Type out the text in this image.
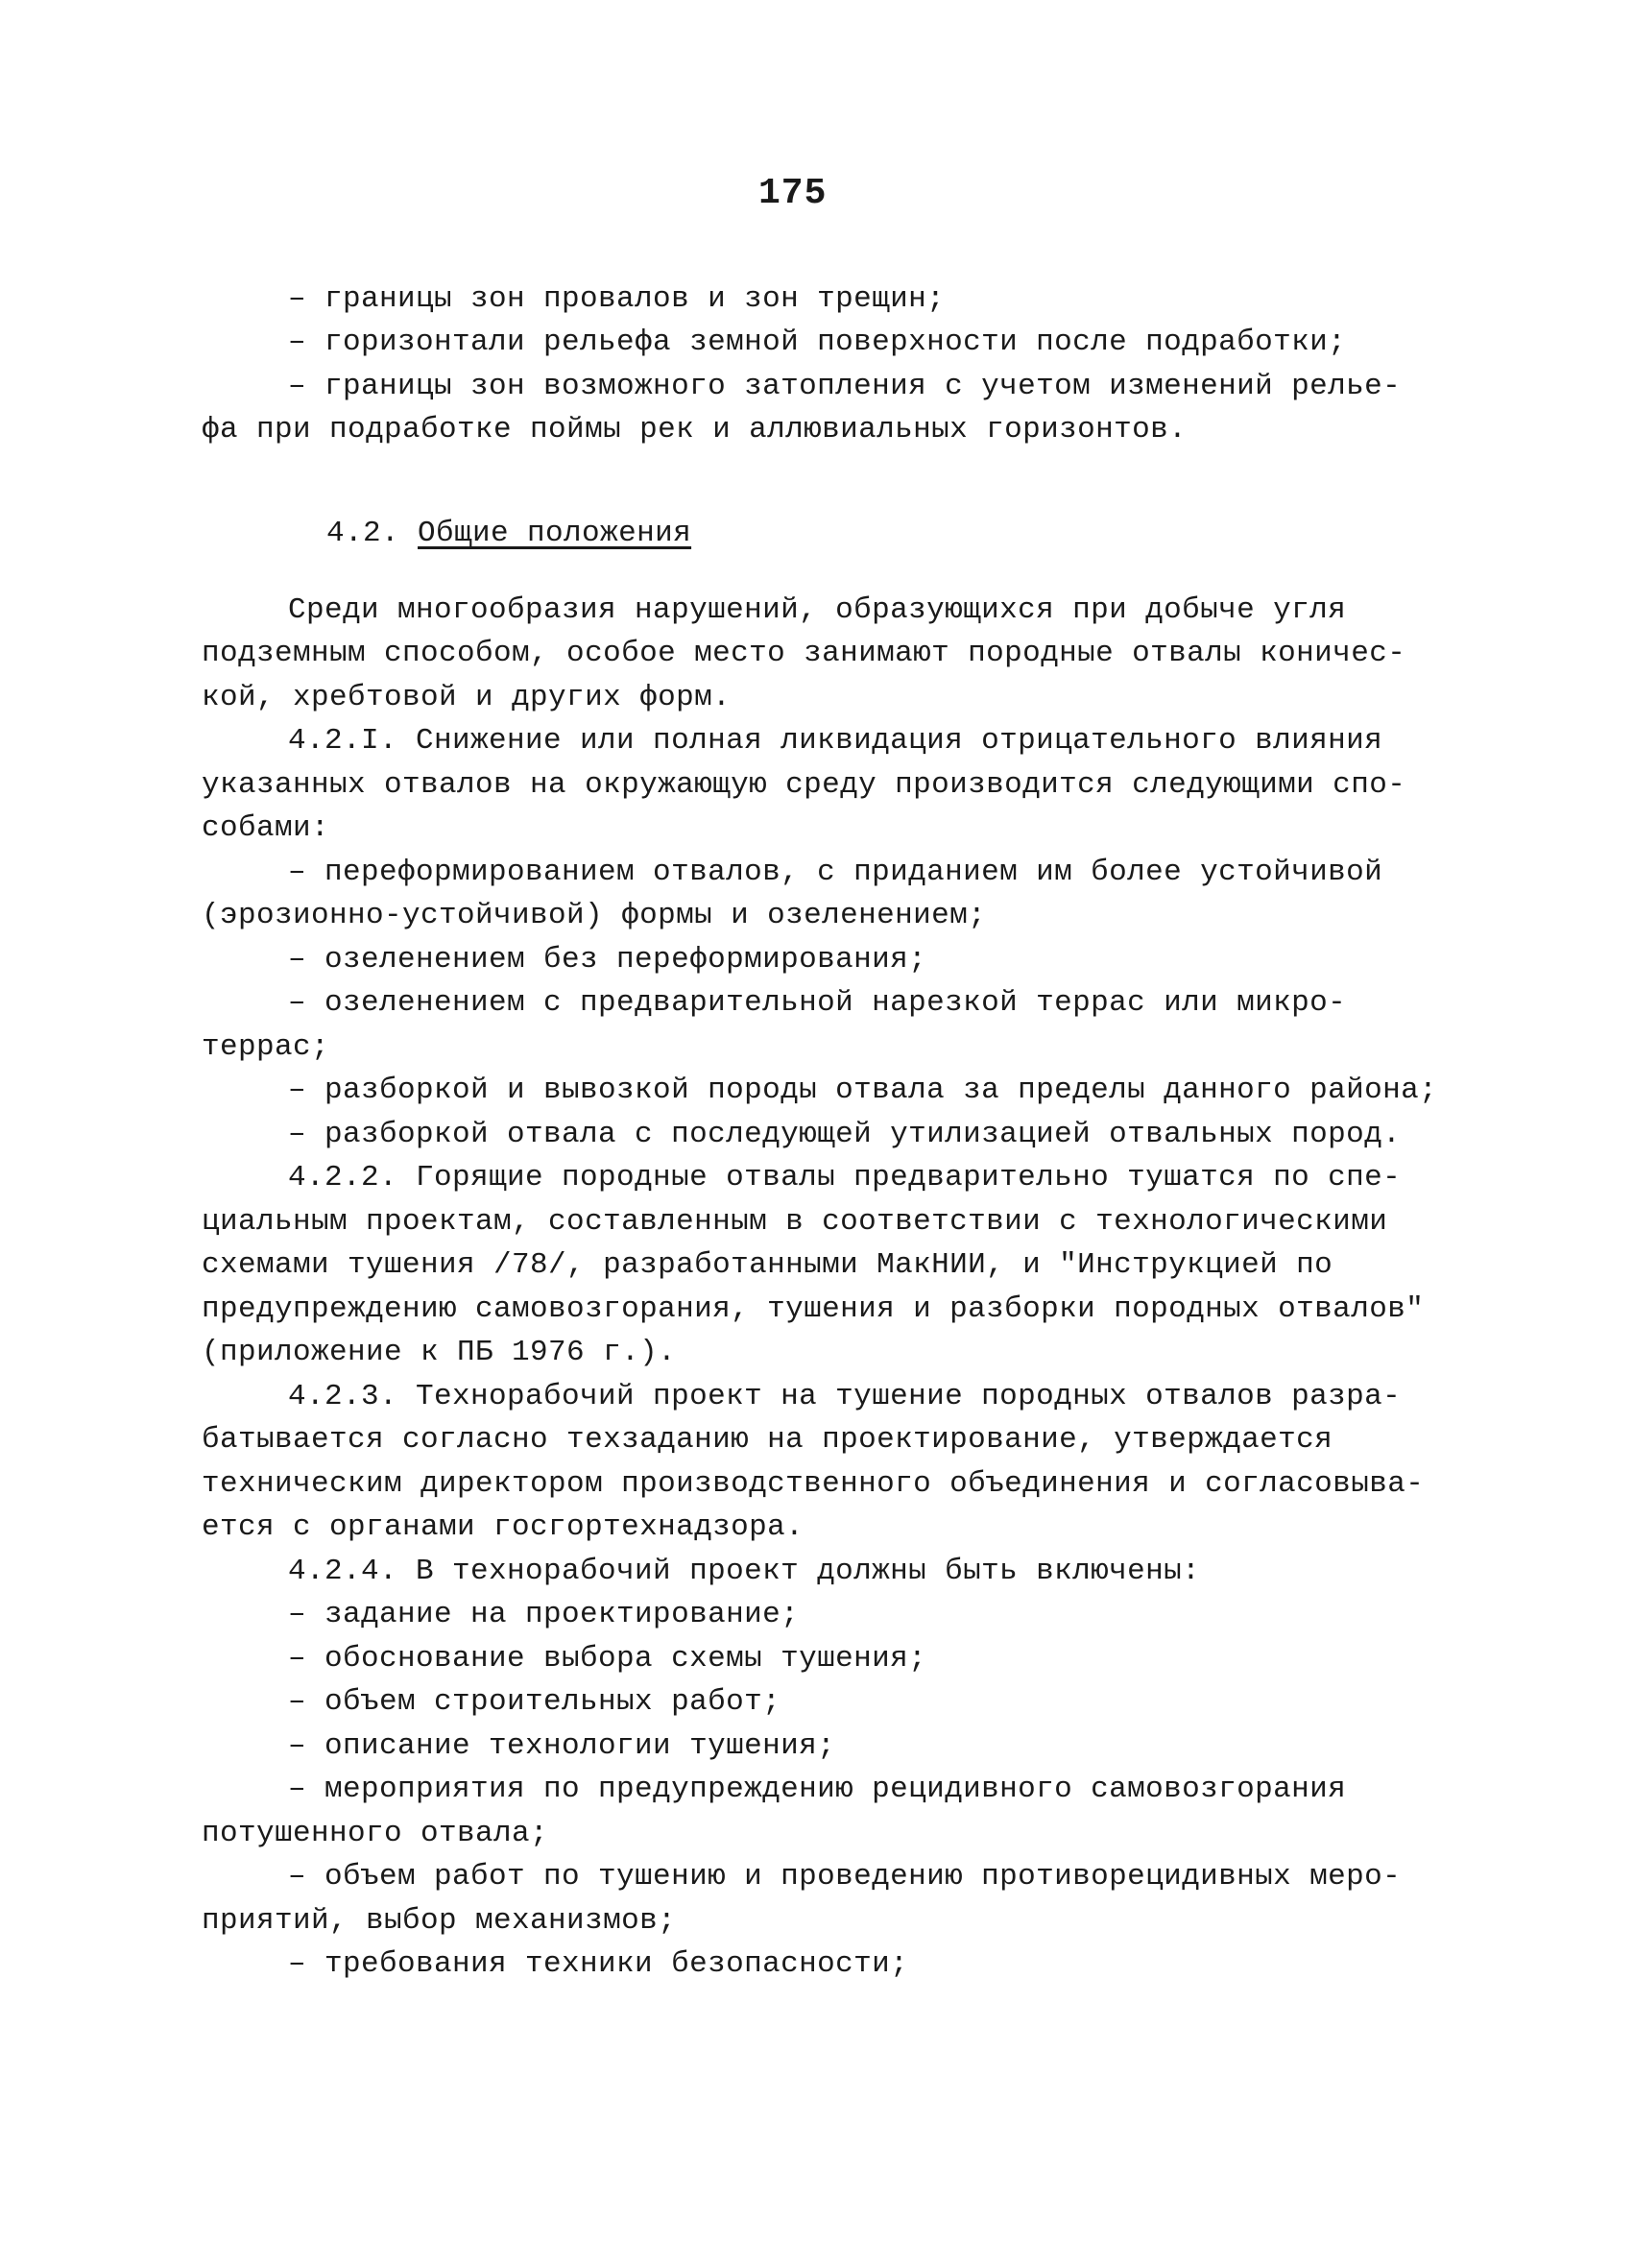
175
– границы зон провалов и зон трещин;
– горизонтали рельефа земной поверхности после подработки;
– границы зон возможного затопления с учетом изменений релье-
фа при подработке поймы рек и аллювиальных горизонтов.
4.2. Общие положения
Среди многообразия нарушений, образующихся при добыче угля
подземным способом, особое место занимают породные отвалы коничес-
кой, хребтовой и других форм.
4.2.I. Снижение или полная ликвидация отрицательного влияния
указанных отвалов на окружающую среду производится следующими спо-
собами:
– переформированием отвалов, с приданием им более устойчивой
(эрозионно-устойчивой) формы и озеленением;
– озеленением без переформирования;
– озеленением с предварительной нарезкой террас или микро-
террас;
– разборкой и вывозкой породы отвала за пределы данного района;
– разборкой отвала с последующей утилизацией отвальных пород.
4.2.2. Горящие породные отвалы предварительно тушатся по спе-
циальным проектам, составленным в соответствии с технологическими
схемами тушения /78/, разработанными МакНИИ, и "Инструкцией по
предупреждению самовозгорания, тушения и разборки породных отвалов"
(приложение к ПБ 1976 г.).
4.2.3. Технорабочий проект на тушение породных отвалов разра-
батывается согласно техзаданию на проектирование, утверждается
техническим директором производственного объединения и согласовыва-
ется с органами госгортехнадзора.
4.2.4. В технорабочий проект должны быть включены:
– задание на проектирование;
– обоснование выбора схемы тушения;
– объем строительных работ;
– описание технологии тушения;
– мероприятия по предупреждению рецидивного самовозгорания
потушенного отвала;
– объем работ по тушению и проведению противорецидивных меро-
приятий, выбор механизмов;
– требования техники безопасности;
